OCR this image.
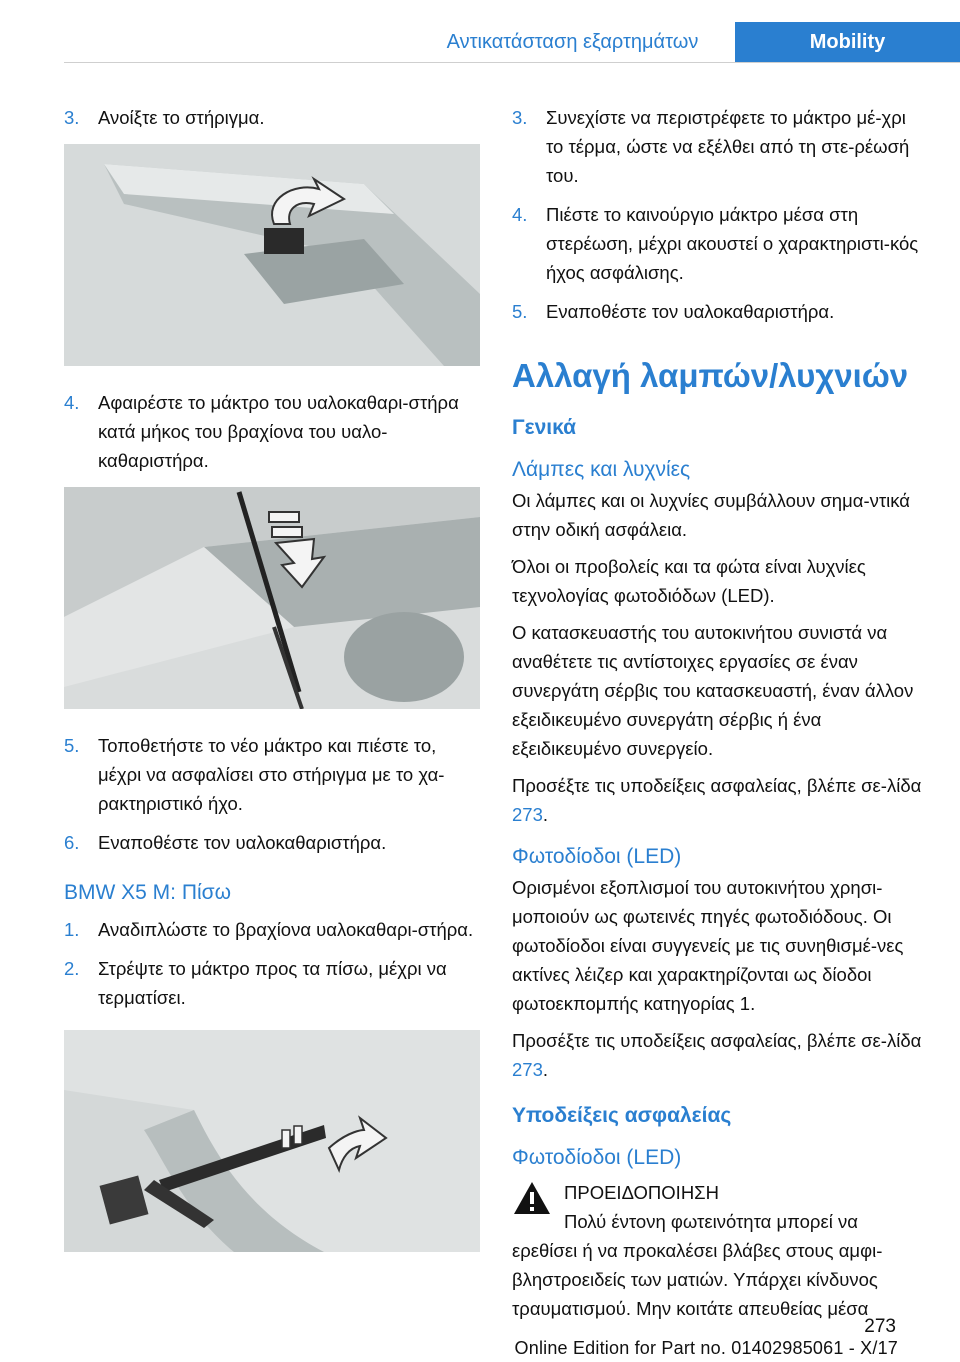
Αντικατάσταση εξαρτημάτων	Mobility
3. Ανοίξτε το στήριγμα.
4. Αφαιρέστε το μάκτρο του υαλοκαθαρι-στήρα κατά μήκος του βραχίονα του υαλο-καθαριστήρα.
5. Τοποθετήστε το νέο μάκτρο και πιέστε το, μέχρι να ασφαλίσει στο στήριγμα με το χα-ρακτηριστικό ήχο.
6. Εναποθέστε τον υαλοκαθαριστήρα.
BMW X5 M: Πίσω
1. Αναδιπλώστε το βραχίονα υαλοκαθαρι-στήρα.
2. Στρέψτε το μάκτρο προς τα πίσω, μέχρι να τερματίσει.
3. Συνεχίστε να περιστρέφετε το μάκτρο μέ-χρι το τέρμα, ώστε να εξέλθει από τη στε-ρέωσή του.
4. Πιέστε το καινούργιο μάκτρο μέσα στη στερέωση, μέχρι ακουστεί ο χαρακτηριστι-κός ήχος ασφάλισης.
5. Εναποθέστε τον υαλοκαθαριστήρα.
Αλλαγή λαμπών/λυχνιών
Γενικά
Λάμπες και λυχνίες

Οι λάμπες και οι λυχνίες συμβάλλουν σημα-ντικά στην οδική ασφάλεια.

Όλοι οι προβολείς και τα φώτα είναι λυχνίες τεχνολογίας φωτοδιόδων (LED).

Ο κατασκευαστής του αυτοκινήτου συνιστά να αναθέτετε τις αντίστοιχες εργασίες σε έναν συνεργάτη σέρβις του κατασκευαστή, έναν άλλον εξειδικευμένο συνεργάτη σέρβις ή ένα εξειδικευμένο συνεργείο.

Προσέξτε τις υποδείξεις ασφαλείας, βλέπε σε-λίδα 273.

Φωτοδίοδοι (LED)

Ορισμένοι εξοπλισμοί του αυτοκινήτου χρησι-μοποιούν ως φωτεινές πηγές φωτοδιόδους. Οι φωτοδίοδοι είναι συγγενείς με τις συνηθισμέ-νες ακτίνες λέιζερ και χαρακτηρίζονται ως δίοδοι φωτοεκπομπής κατηγορίας 1.

Προσέξτε τις υποδείξεις ασφαλείας, βλέπε σε-λίδα 273.

Υποδείξεις ασφαλείας
Φωτοδίοδοι (LED)
ΠΡΟΕΙΔΟΠΟΙΗΣΗ
Πολύ έντονη φωτεινότητα μπορεί να
ερεθίσει ή να προκαλέσει βλάβες στους αμφι-βληστροειδείς των ματιών. Υπάρχει κίνδυνος τραυματισμού. Μην κοιτάτε απευθείας μέσα
273
Online Edition for Part no. 01402985061 - X/17
